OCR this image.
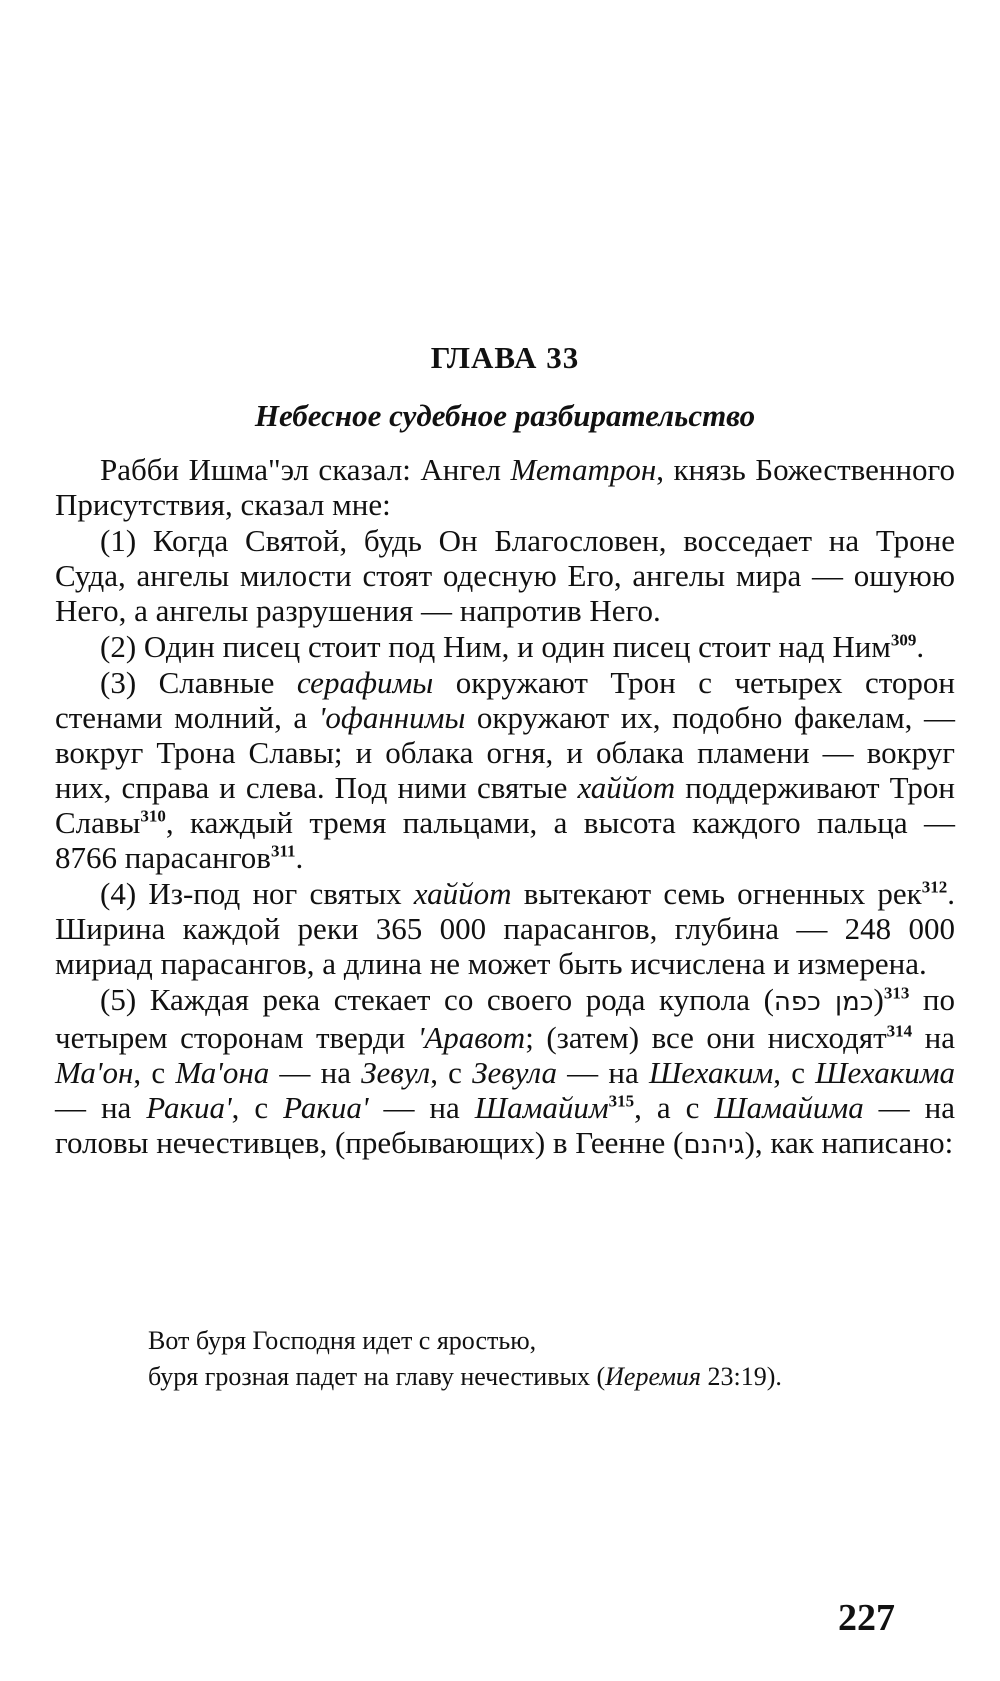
ГЛАВА 33
Небесное судебное разбирательство

Рабби Ишма"эл сказал: Ангел Метатрон, князь Божественного Присутствия, сказал мне:

(1) Когда Святой, будь Он Благословен, восседает на Троне Суда, ангелы милости стоят одесную Его, ангелы мира — ошуюю Него, а ангелы разрушения — напротив Него.

(2) Один писец стоит под Ним, и один писец стоит над Ним$^{309}$.

(3) Славные серафимы окружают Трон с четырех сторон стенами молний, а 'офаннимы окружают их, подобно факелам, — вокруг Трона Славы; и облака огня, и облака пламени — вокруг них, справа и слева. Под ними святые хаййот поддерживают Трон Славы$^{310}$, каждый тремя пальцами, а высота каждого пальца — 8766 парасангов$^{311}$.

(4) Из-под ног святых хаййот вытекают семь огненных рек$^{312}$. Ширина каждой реки 365 000 парасангов, глубина — 248 000 мириад парасангов, а длина не может быть исчислена и измерена.

(5) Каждая река стекает со своего рода купола (כמן כפה)$^{313}$ по четырем сторонам тверди 'Аравот; (затем) все они нисходят$^{314}$ на Ма'он, с Ма'она — на Зевул, с Зевула — на Шехаким, с Шехакима — на Ракиа', с Ракиа' — на Шамайим$^{315}$, а с Шамайима — на головы нечестивцев, (пребывающих) в Геенне (גיהנם), как написано:

Вот буря Господня идет с яростью,
буря грозная падет на главу нечестивых (Иеремия 23:19).
227
